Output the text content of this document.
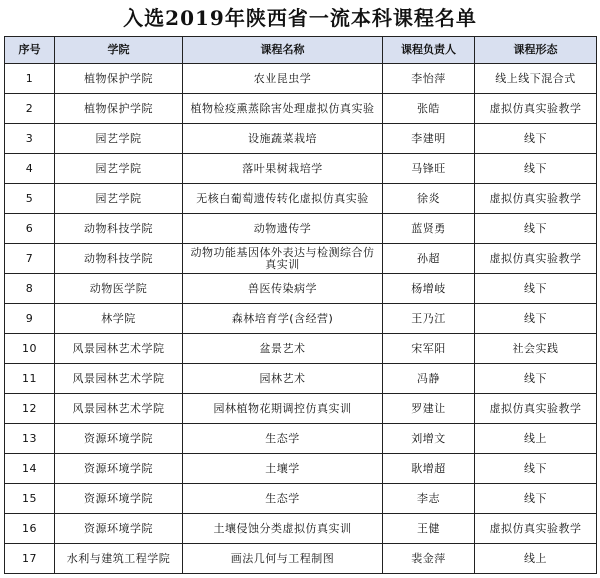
入选2019年陕西省一流本科课程名单
序号	学院	课程名称	课程负责人	课程形态
1	植物保护学院	农业昆虫学	李怡萍	线上线下混合式
2	植物保护学院	植物检疫熏蒸除害处理虚拟仿真实验	张皓	虚拟仿真实验教学
3	园艺学院	设施蔬菜栽培	李建明	线下
4	园艺学院	落叶果树栽培学	马锋旺	线下
5	园艺学院	无核白葡萄遗传转化虚拟仿真实验	徐炎	虚拟仿真实验教学
6	动物科技学院	动物遗传学	蓝贤勇	线下
7	动物科技学院	动物功能基因体外表达与检测综合仿真实训	孙超	虚拟仿真实验教学
8	动物医学院	兽医传染病学	杨增岐	线下
9	林学院	森林培育学(含经营)	王乃江	线下
10	风景园林艺术学院	盆景艺术	宋军阳	社会实践
11	风景园林艺术学院	园林艺术	冯静	线下
12	风景园林艺术学院	园林植物花期调控仿真实训	罗建让	虚拟仿真实验教学
13	资源环境学院	生态学	刘增文	线上
14	资源环境学院	土壤学	耿增超	线下
15	资源环境学院	生态学	李志	线下
16	资源环境学院	土壤侵蚀分类虚拟仿真实训	王健	虚拟仿真实验教学
17	水利与建筑工程学院	画法几何与工程制图	裴金萍	线上
